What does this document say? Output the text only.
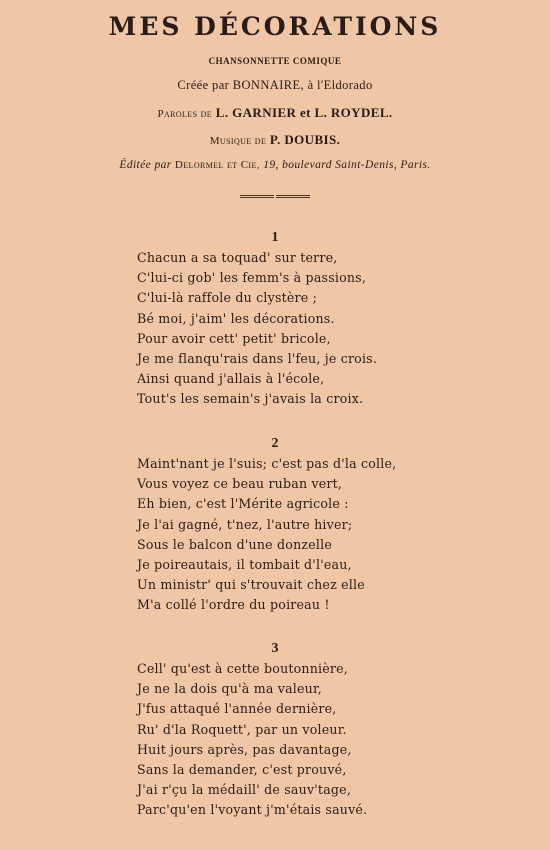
MES DÉCORATIONS
CHANSONNETTE COMIQUE
Créée par BONNAIRE, à l'Eldorado
Paroles de L. GARNIER et L. ROYDEL.
Musique de P. DOUBIS.
Éditée par Delormel et Cie, 19, boulevard Saint-Denis, Paris.
1
Chacun a sa toquad' sur terre,
C'lui-ci gob' les femm's à passions,
C'lui-là raffole du clystère ;
Bé moi, j'aim' les décorations.
Pour avoir cett' petit' bricole,
Je me flanqu'rais dans l'feu, je crois.
Ainsi quand j'allais à l'école,
Tout's les semain's j'avais la croix.
2
Maint'nant je l'suis; c'est pas d'la colle,
Vous voyez ce beau ruban vert,
Eh bien, c'est l'Mérite agricole :
Je l'ai gagné, t'nez, l'autre hiver;
Sous le balcon d'une donzelle
Je poireautais, il tombait d'l'eau,
Un ministr' qui s'trouvait chez elle
M'a collé l'ordre du poireau !
3
Cell' qu'est à cette boutonnière,
Je ne la dois qu'à ma valeur,
J'fus attaqué l'année dernière,
Ru' d'la Roquett', par un voleur.
Huit jours après, pas davantage,
Sans la demander, c'est prouvé,
J'ai r'çu la médaill' de sauv'tage,
Parc'qu'en l'voyant j'm'étais sauvé.
